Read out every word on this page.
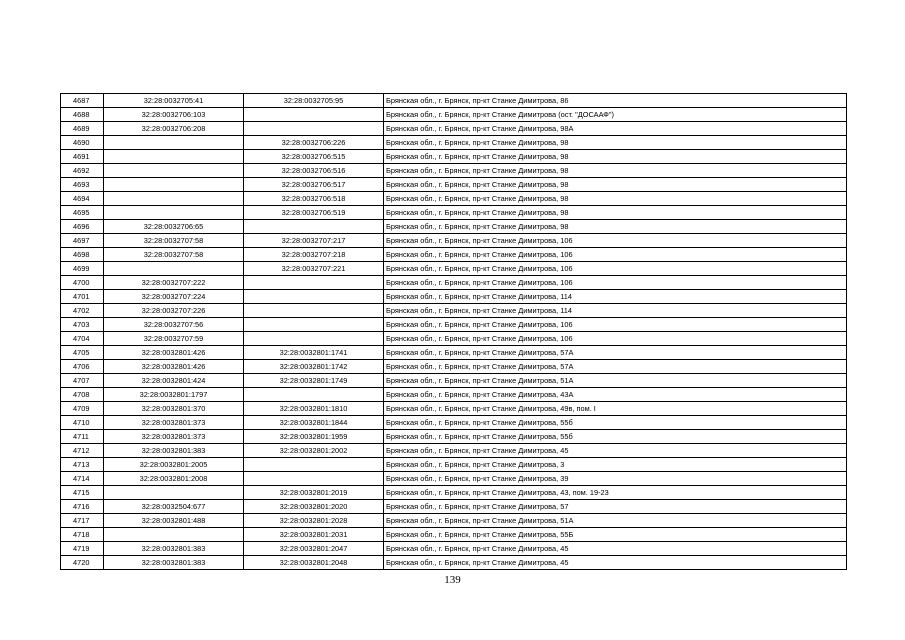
4687	32:28:0032705:41	32:28:0032705:95	Брянская обл., г. Брянск, пр-кт Станке Димитрова, 86
4688	32:28:0032706:103		Брянская обл., г. Брянск, пр-кт Станке Димитрова (ост. "ДОСААФ")
4689	32:28:0032706:208		Брянская обл., г. Брянск, пр-кт Станке Димитрова, 98А
4690		32:28:0032706:226	Брянская обл., г. Брянск, пр-кт Станке Димитрова, 98
4691		32:28:0032706:515	Брянская обл., г. Брянск, пр-кт Станке Димитрова, 98
4692		32:28:0032706:516	Брянская обл., г. Брянск, пр-кт Станке Димитрова, 98
4693		32:28:0032706:517	Брянская обл., г. Брянск, пр-кт Станке Димитрова, 98
4694		32:28:0032706:518	Брянская обл., г. Брянск, пр-кт Станке Димитрова, 98
4695		32:28:0032706:519	Брянская обл., г. Брянск, пр-кт Станке Димитрова, 98
4696	32:28:0032706:65		Брянская обл., г. Брянск, пр-кт Станке Димитрова, 98
4697	32:28:0032707:58	32:28:0032707:217	Брянская обл., г. Брянск, пр-кт Станке Димитрова, 106
4698	32:28:0032707:58	32:28:0032707:218	Брянская обл., г. Брянск, пр-кт Станке Димитрова, 106
4699		32:28:0032707:221	Брянская обл., г. Брянск, пр-кт Станке Димитрова, 106
4700	32:28:0032707:222		Брянская обл., г. Брянск, пр-кт Станке Димитрова, 106
4701	32:28:0032707:224		Брянская обл., г. Брянск, пр-кт Станке Димитрова, 114
4702	32:28:0032707:226		Брянская обл., г. Брянск, пр-кт Станке Димитрова, 114
4703	32:28:0032707:56		Брянская обл., г. Брянск, пр-кт Станке Димитрова, 106
4704	32:28:0032707:59		Брянская обл., г. Брянск, пр-кт Станке Димитрова, 106
4705	32:28:0032801:426	32:28:0032801:1741	Брянская обл., г. Брянск, пр-кт Станке Димитрова, 57А
4706	32:28:0032801:426	32:28:0032801:1742	Брянская обл., г. Брянск, пр-кт Станке Димитрова, 57А
4707	32:28:0032801:424	32:28:0032801:1749	Брянская обл., г. Брянск, пр-кт Станке Димитрова, 51А
4708	32:28:0032801:1797		Брянская обл., г. Брянск, пр-кт Станке Димитрова, 43А
4709	32:28:0032801:370	32:28:0032801:1810	Брянская обл., г. Брянск, пр-кт Станке Димитрова, 49в, пом. I
4710	32:28:0032801:373	32:28:0032801:1844	Брянская обл., г. Брянск, пр-кт Станке Димитрова, 55б
4711	32:28:0032801:373	32:28:0032801:1959	Брянская обл., г. Брянск, пр-кт Станке Димитрова, 55б
4712	32:28:0032801:383	32:28:0032801:2002	Брянская обл., г. Брянск, пр-кт Станке Димитрова, 45
4713	32:28:0032801:2005		Брянская обл., г. Брянск, пр-кт Станке Димитрова, 3
4714	32:28:0032801:2008		Брянская обл., г. Брянск, пр-кт Станке Димитрова, 39
4715		32:28:0032801:2019	Брянская обл., г. Брянск, пр-кт Станке Димитрова, 43, пом. 19-23
4716	32:28:0032504:677	32:28:0032801:2020	Брянская обл., г. Брянск, пр-кт Станке Димитрова, 57
4717	32:28:0032801:488	32:28:0032801:2028	Брянская обл., г. Брянск, пр-кт Станке Димитрова, 51А
4718		32:28:0032801:2031	Брянская обл., г. Брянск, пр-кт Станке Димитрова, 55Б
4719	32:28:0032801:383	32:28:0032801:2047	Брянская обл., г. Брянск, пр-кт Станке Димитрова, 45
4720	32:28:0032801:383	32:28:0032801:2048	Брянская обл., г. Брянск, пр-кт Станке Димитрова, 45
139
